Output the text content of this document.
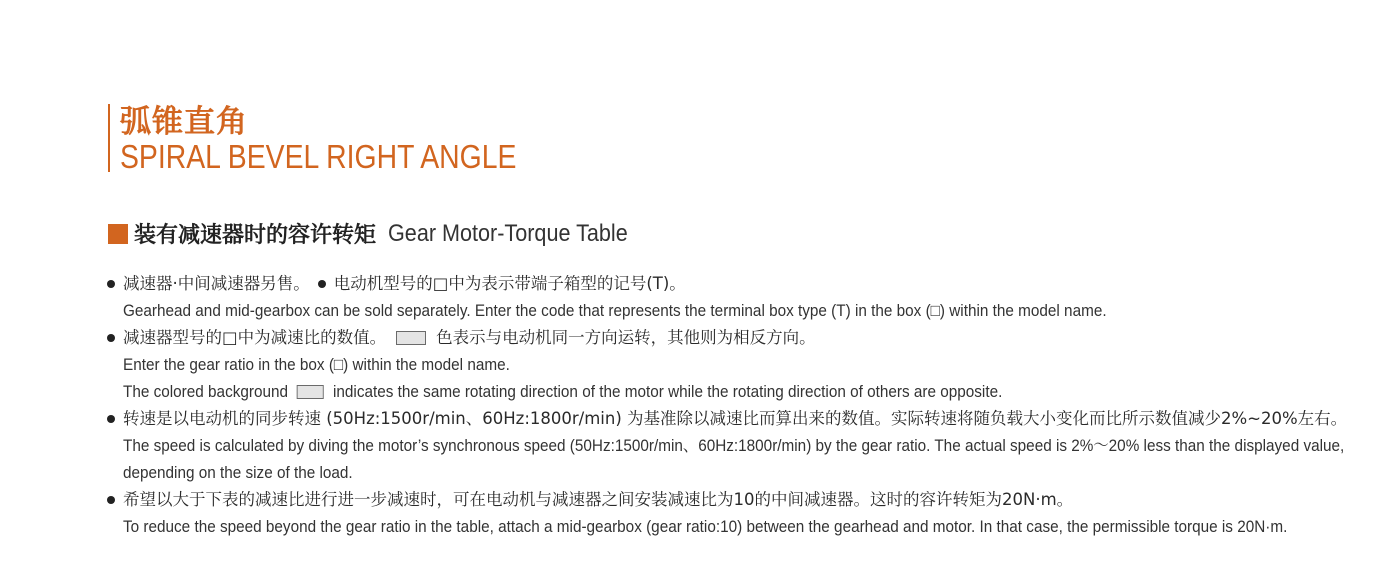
弧锥直角
SPIRAL BEVEL RIGHT ANGLE
装有减速器时的容许转矩 Gear Motor-Torque Table
减速器·中间减速器另售。 电动机型号的□中为表示带端子箱型的记号(T)。
Gearhead and mid-gearbox can be sold separately. Enter the code that represents the terminal box type (T) in the box (□) within the model name.
减速器型号的□中为减速比的数值。	色表示与电动机同一方向运转，其他则为相反方向。
Enter the gear ratio in the box (□) within the model name.
The colored background	indicates the same rotating direction of the motor while the rotating direction of others are opposite.
转速是以电动机的同步转速 (50Hz:1500r/min、60Hz:1800r/min) 为基准除以减速比而算出来的数值。实际转速将随负载大小变化而比所示数值减少2%~20%左右。
The speed is calculated by diving the motor’s synchronous speed (50Hz:1500r/min、60Hz:1800r/min) by the gear ratio. The actual speed is 2%～20% less than the displayed value,
depending on the size of the load.
希望以大于下表的减速比进行进一步减速时，可在电动机与减速器之间安装减速比为10的中间减速器。这时的容许转矩为20N·m。
To reduce the speed beyond the gear ratio in the table, attach a mid-gearbox (gear ratio:10) between the gearhead and motor. In that case, the permissible torque is 20N·m.
